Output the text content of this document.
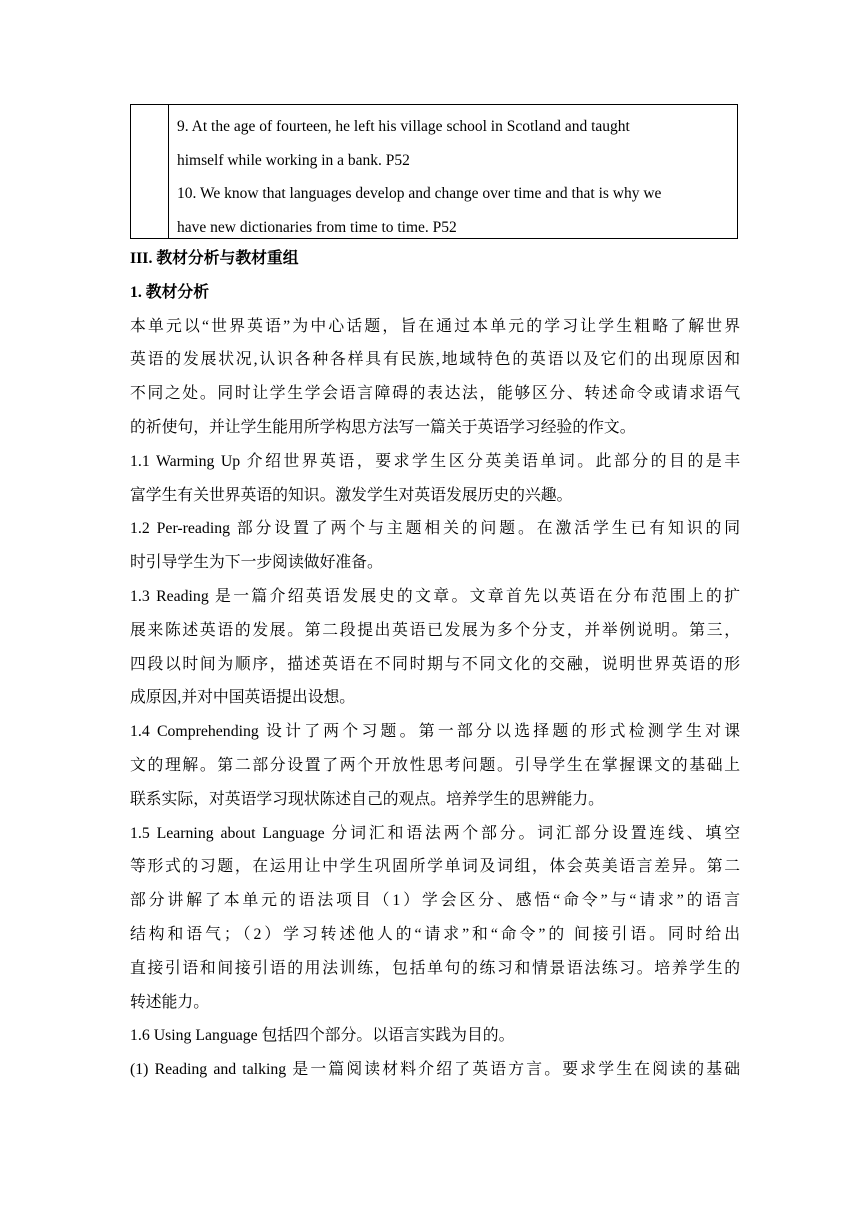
9. At the age of fourteen, he left his village school in Scotland and taught
himself while working in a bank. P52
10. We know that languages develop and change over time and that is why we
have new dictionaries from time to time. P52
III. 教材分析与教材重组
1. 教材分析
本单元以“世界英语”为中心话题，旨在通过本单元的学习让学生粗略了解世界
英语的发展状况,认识各种各样具有民族,地域特色的英语以及它们的出现原因和
不同之处。同时让学生学会语言障碍的表达法，能够区分、转述命令或请求语气
的祈使句，并让学生能用所学构思方法写一篇关于英语学习经验的作文。
1.1 Warming Up 介绍世界英语，要求学生区分英美语单词。此部分的目的是丰
富学生有关世界英语的知识。激发学生对英语发展历史的兴趣。
1.2 Per-reading 部分设置了两个与主题相关的问题。在激活学生已有知识的同
时引导学生为下一步阅读做好准备。
1.3 Reading 是一篇介绍英语发展史的文章。文章首先以英语在分布范围上的扩
展来陈述英语的发展。第二段提出英语已发展为多个分支，并举例说明。第三，
四段以时间为顺序，描述英语在不同时期与不同文化的交融，说明世界英语的形
成原因,并对中国英语提出设想。
1.4 Comprehending 设计了两个习题。第一部分以选择题的形式检测学生对课
文的理解。第二部分设置了两个开放性思考问题。引导学生在掌握课文的基础上
联系实际，对英语学习现状陈述自己的观点。培养学生的思辨能力。
1.5 Learning about Language 分词汇和语法两个部分。词汇部分设置连线、填空
等形式的习题，在运用让中学生巩固所学单词及词组，体会英美语言差异。第二
部分讲解了本单元的语法项目（1）学会区分、感悟“命令”与“请求”的语言
结构和语气；（2）学习转述他人的“请求”和“命令”的 间接引语。同时给出
直接引语和间接引语的用法训练，包括单句的练习和情景语法练习。培养学生的
转述能力。
1.6 Using Language 包括四个部分。以语言实践为目的。
(1) Reading and talking 是一篇阅读材料介绍了英语方言。要求学生在阅读的基础
